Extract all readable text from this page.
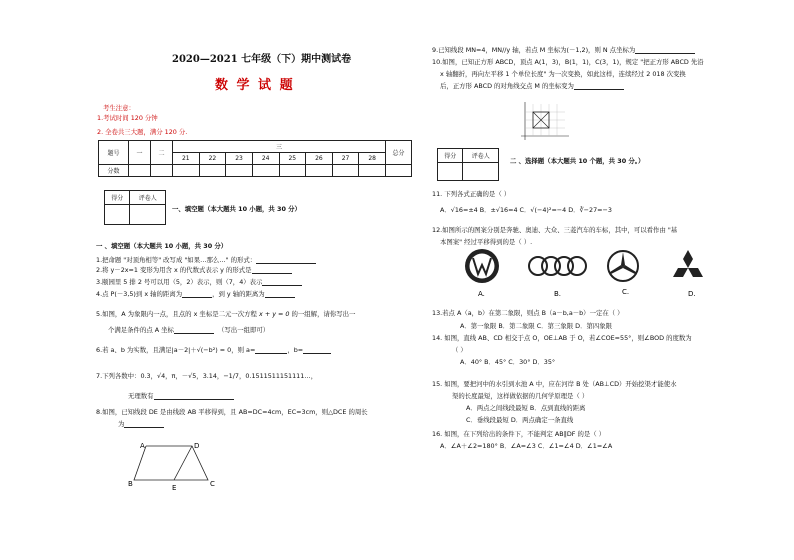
2020—2021 七年级（下）期中测试卷
数 学 试 题
考生注意：
1.考试时间 120 分钟
2. 全卷共三大题，满分 120 分.
题号	一	二	三								总分
			21	22	23	24	25	26	27	28	
分数											
得分	评卷人

一、填空题（本大题共 10 小题，共 30 分）
一 、填空题（本大题共 10 小题，共 30 分）
1.把命题 "对顶角相等" 改写成 "如果…那么…" 的形式：
2.将 y－2x=1 变形为用含 x 的代数式表示 y 的形式是
3.颐园里 5 排 2 号可以用（5，2）表示，则（7，4）表示
4.点 P(－3,5)到 x 轴的距离为	，到 y 轴的距离为
5.如图，A 为象限内一点，且点的 x 坐标是二元一次方程 x + y = 0 的一组解，请你写出一
个满足条件的点 A 坐标	（写出一组即可）
6.若 a、b 为实数，且满足|a－2|＋√(−b²) = 0，则 a=	，b=
7.下列各数中：0.3，√4，π，－√5，3.14，−1/7，0.1511511151111…，
无理数有
8.如图，已知线段 DE 是由线段 AB 平移得到，且 AB=DC=4cm，EC=3cm，则△DCE 的周长
为
A	D
B	E	C
9.已知线段 MN=4，MN//y 轴，若点 M 坐标为(－1,2)，则 N 点坐标为
10.如图，已知正方形 ABCD，顶点 A(1，3)，B(1，1)，C(3，1)，规定 "把正方形 ABCD 先沿
x 轴翻折，再向左平移 1 个单位长度" 为一次变换，如此这样，连续经过 2 018 次变换
后，正方形 ABCD 的对角线交点 M 的坐标变为
得分	评卷人

二 、选择题（本大题共 10 个题，共 30 分。）
11. 下列各式正确的是（ ）
A．√16=±4 B．±√16=4 C．√(−4)²=−4 D．∛−27=−3
12.如图所示的图案分别是奔驰、奥迪、大众、三菱汽车的车标，其中，可以看作由 "基
本图案" 经过平移得到的是（ ）.
A.	B.	C.	D.
13.若点 A（a，b）在第二象限，则点 B（a－b,a－b）一定在（ ）
A．第一象限 B．第二象限 C．第三象限 D．第四象限
14. 如图，直线 AB、CD 相交于点 O，OE⊥AB 于 O，若∠COE=55°，则∠BOD 的度数为
（ ）
A．40° B．45° C．30° D．35°
15. 如图，要把河中的水引到水池 A 中，应在河岸 B 处（AB⊥CD）开始挖渠才能使水
渠的长度最短，这样做依据的几何学原理是（ ）
A．两点之间线段最短 B．点到直线的距离
C．垂线段最短 D．两点确定一条直线
16. 如图，在下列给出的条件下，不能判定 AB∥DF 的是（ ）
A．∠A＋∠2=180° B．∠A=∠3 C．∠1=∠4 D．∠1=∠A
